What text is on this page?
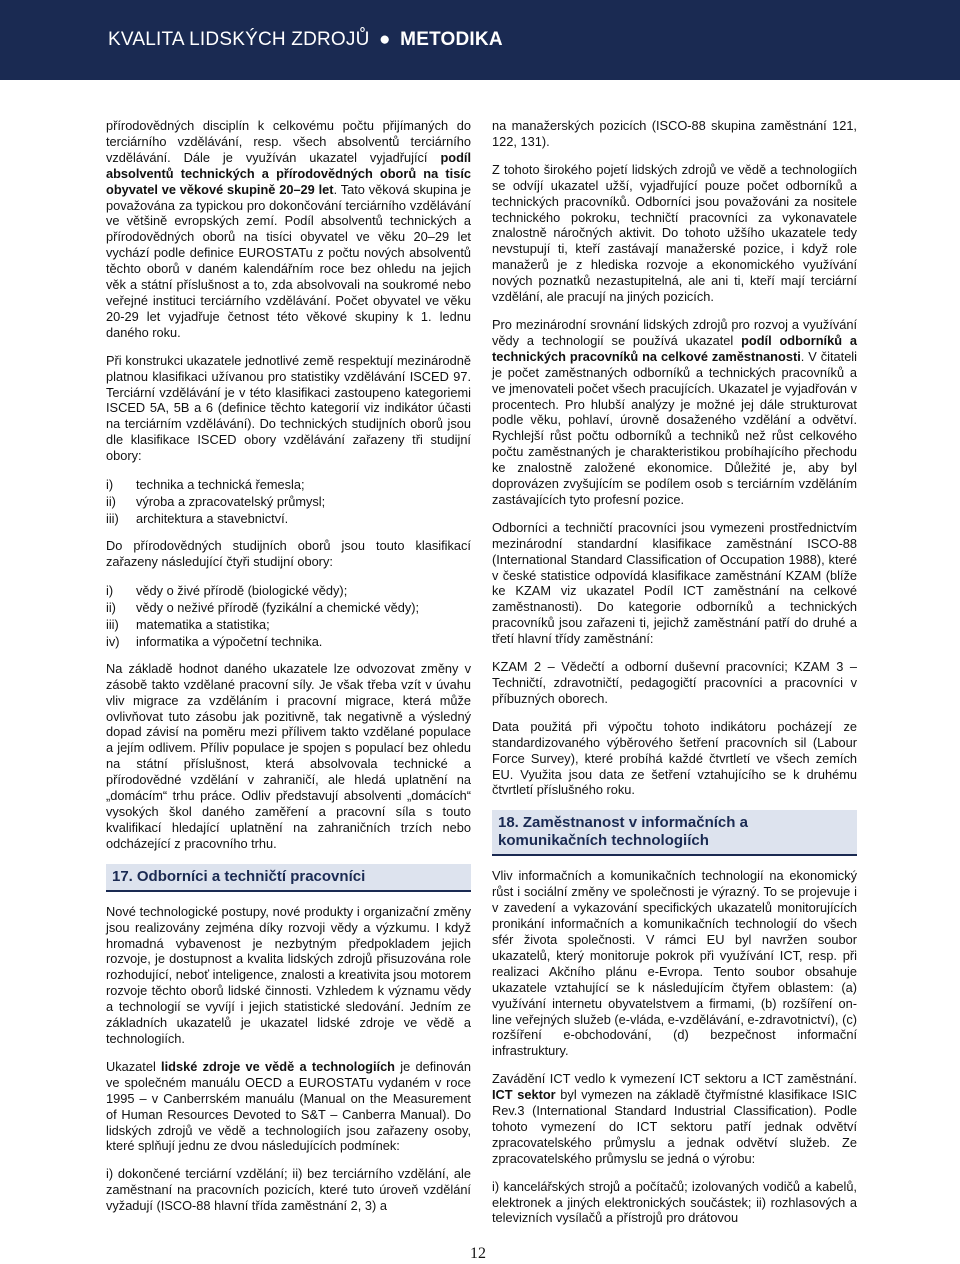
KVALITA LIDSKÝCH ZDROJŮ ● METODIKA

přírodovědných disciplín k celkovému počtu přijímaných do terciárního vzdělávání, resp. všech absolventů terciárního vzdělávání. Dále je využíván ukazatel vyjadřující podíl absolventů technických a přírodovědných oborů na tisíc obyvatel ve věkové skupině 20–29 let. Tato věková skupina je považována za typickou pro dokončování terciárního vzdělávání ve většině evropských zemí. Podíl absolventů technických a přírodovědných oborů na tisíci obyvatel ve věku 20–29 let vychází podle definice EUROSTATu z počtu nových absolventů těchto oborů v daném kalendářním roce bez ohledu na jejich věk a státní příslušnost a to, zda absolvovali na soukromé nebo veřejné instituci terciárního vzdělávání. Počet obyvatel ve věku 20-29 let vyjadřuje četnost této věkové skupiny k 1. lednu daného roku.

Při konstrukci ukazatele jednotlivé země respektují mezinárodně platnou klasifikaci užívanou pro statistiky vzdělávání ISCED 97. Terciární vzdělávání je v této klasifikaci zastoupeno kategoriemi ISCED 5A, 5B a 6 (definice těchto kategorií viz indikátor účasti na terciárním vzdělávání). Do technických studijních oborů jsou dle klasifikace ISCED obory vzdělávání zařazeny tři studijní obory:

i) technika a technická řemesla;
ii) výroba a zpracovatelský průmysl;
iii) architektura a stavebnictví.

Do přírodovědných studijních oborů jsou touto klasifikací zařazeny následující čtyři studijní obory:

i) vědy o živé přírodě (biologické vědy);
ii) vědy o neživé přírodě (fyzikální a chemické vědy);
iii) matematika a statistika;
iv) informatika a výpočetní technika.

Na základě hodnot daného ukazatele lze odvozovat změny v zásobě takto vzdělané pracovní síly. Je však třeba vzít v úvahu vliv migrace za vzděláním i pracovní migrace, která může ovlivňovat tuto zásobu jak pozitivně, tak negativně a výsledný dopad závisí na poměru mezi přílivem takto vzdělané populace a jejím odlivem. Příliv populace je spojen s populací bez ohledu na státní příslušnost, která absolvovala technické a přírodovědné vzdělání v zahraničí, ale hledá uplatnění na „domácím“ trhu práce. Odliv představují absolventi „domácích“ vysokých škol daného zaměření a pracovní síla s touto kvalifikací hledající uplatnění na zahraničních trzích nebo odcházející z pracovního trhu.

17. Odborníci a techničtí pracovníci

Nové technologické postupy, nové produkty i organizační změny jsou realizovány zejména díky rozvoji vědy a výzkumu. I když hromadná vybavenost je nezbytným předpokladem jejich rozvoje, je dostupnost a kvalita lidských zdrojů přisuzována role rozhodující, neboť inteligence, znalosti a kreativita jsou motorem rozvoje těchto oborů lidské činnosti. Vzhledem k významu vědy a technologií se vyvíjí i jejich statistické sledování. Jedním ze základních ukazatelů je ukazatel lidské zdroje ve vědě a technologiích.

Ukazatel lidské zdroje ve vědě a technologiích je definován ve společném manuálu OECD a EUROSTATu vydaném v roce 1995 – v Canberrském manuálu (Manual on the Measurement of Human Resources Devoted to S&T – Canberra Manual). Do lidských zdrojů ve vědě a technologiích jsou zařazeny osoby, které splňují jednu ze dvou následujících podmínek:

i) dokončené terciární vzdělání; ii) bez terciárního vzdělání, ale zaměstnaní na pracovních pozicích, které tuto úroveň vzdělání vyžadují (ISCO-88 hlavní třída zaměstnání 2, 3) a

na manažerských pozicích (ISCO-88 skupina zaměstnání 121, 122, 131).

Z tohoto širokého pojetí lidských zdrojů ve vědě a technologiích se odvíjí ukazatel užší, vyjadřující pouze počet odborníků a technických pracovníků. Odborníci jsou považováni za nositele technického pokroku, techničtí pracovníci za vykonavatele znalostně náročných aktivit. Do tohoto užšího ukazatele tedy nevstupují ti, kteří zastávají manažerské pozice, i když role manažerů je z hlediska rozvoje a ekonomického využívání nových poznatků nezastupitelná, ale ani ti, kteří mají terciární vzdělání, ale pracují na jiných pozicích.

Pro mezinárodní srovnání lidských zdrojů pro rozvoj a využívání vědy a technologií se používá ukazatel podíl odborníků a technických pracovníků na celkové zaměstnanosti. V čitateli je počet zaměstnaných odborníků a technických pracovníků a ve jmenovateli počet všech pracujících. Ukazatel je vyjadřován v procentech. Pro hlubší analýzy je možné jej dále strukturovat podle věku, pohlaví, úrovně dosaženého vzdělání a odvětví. Rychlejší růst počtu odborníků a techniků než růst celkového počtu zaměstnaných je charakteristikou probíhajícího přechodu ke znalostně založené ekonomice. Důležité je, aby byl doprovázen zvyšujícím se podílem osob s terciárním vzděláním zastávajících tyto profesní pozice.

Odborníci a techničtí pracovníci jsou vymezeni prostřednictvím mezinárodní standardní klasifikace zaměstnání ISCO-88 (International Standard Classification of Occupation 1988), které v české statistice odpovídá klasifikace zaměstnání KZAM (blíže ke KZAM viz ukazatel Podíl ICT zaměstnání na celkové zaměstnanosti). Do kategorie odborníků a technických pracovníků jsou zařazeni ti, jejichž zaměstnání patří do druhé a třetí hlavní třídy zaměstnání:

KZAM 2 – Vědečtí a odborní duševní pracovníci; KZAM 3 – Techničtí, zdravotničtí, pedagogičtí pracovníci a pracovníci v příbuzných oborech.

Data použitá při výpočtu tohoto indikátoru pocházejí ze standardizovaného výběrového šetření pracovních sil (Labour Force Survey), které probíhá každé čtvrtletí ve všech zemích EU. Využita jsou data ze šetření vztahujícího se k druhému čtvrtletí příslušného roku.

18. Zaměstnanost v informačních a komunikačních technologiích

Vliv informačních a komunikačních technologií na ekonomický růst i sociální změny ve společnosti je výrazný. To se projevuje i v zavedení a vykazování specifických ukazatelů monitorujících pronikání informačních a komunikačních technologií do všech sfér života společnosti. V rámci EU byl navržen soubor ukazatelů, který monitoruje pokrok při využívání ICT, resp. při realizaci Akčního plánu e-Evropa. Tento soubor obsahuje ukazatele vztahující se k následujícím čtyřem oblastem: (a) využívání internetu obyvatelstvem a firmami, (b) rozšíření on-line veřejných služeb (e-vláda, e-vzdělávání, e-zdravotnictví), (c) rozšíření e-obchodování, (d) bezpečnost informační infrastruktury.

Zavádění ICT vedlo k vymezení ICT sektoru a ICT zaměstnání. ICT sektor byl vymezen na základě čtyřmístné klasifikace ISIC Rev.3 (International Standard Industrial Classification). Podle tohoto vymezení do ICT sektoru patří jednak odvětví zpracovatelského průmyslu a jednak odvětví služeb. Ze zpracovatelského průmyslu se jedná o výrobu:

i) kancelářských strojů a počítačů; izolovaných vodičů a kabelů, elektronek a jiných elektronických součástek; ii) rozhlasových a televizních vysílačů a přístrojů pro drátovou

12
